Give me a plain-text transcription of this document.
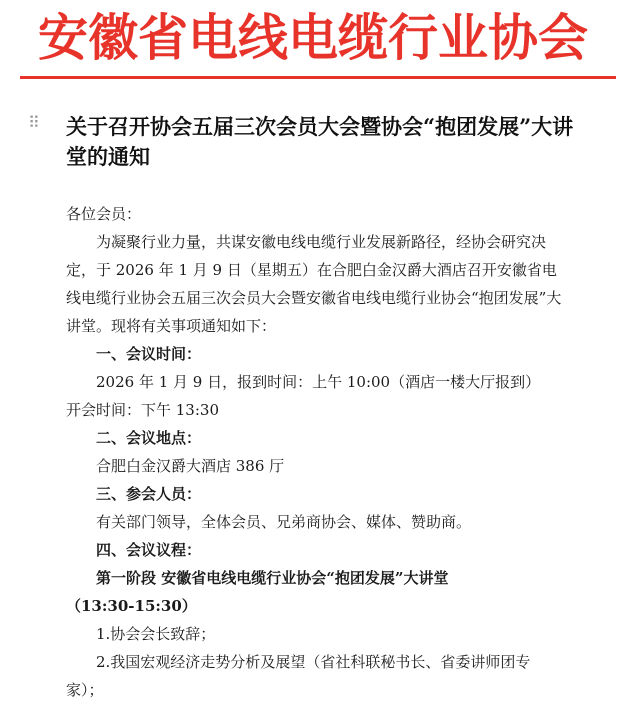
安徽省电线电缆行业协会
⠿ 关于召开协会五届三次会员大会暨协会“抱团发展”大讲堂的通知

各位会员：

为凝聚行业力量，共谋安徽电线电缆行业发展新路径，经协会研究决定，于 2026 年 1 月 9 日（星期五）在合肥白金汉爵大酒店召开安徽省电线电缆行业协会五届三次会员大会暨安徽省电线电缆行业协会“抱团发展”大讲堂。现将有关事项通知如下：

一、会议时间：

2026 年 1 月 9 日，报到时间：上午 10:00（酒店一楼大厅报到）

开会时间：下午 13:30

二、会议地点：

合肥白金汉爵大酒店 386 厅

三、参会人员：

有关部门领导，全体会员、兄弟商协会、媒体、赞助商。

四、会议议程：

第一阶段 安徽省电线电缆行业协会“抱团发展”大讲堂

（13:30-15:30）

1.协会会长致辞；

2.我国宏观经济走势分析及展望（省社科联秘书长、省委讲师团专家）；
